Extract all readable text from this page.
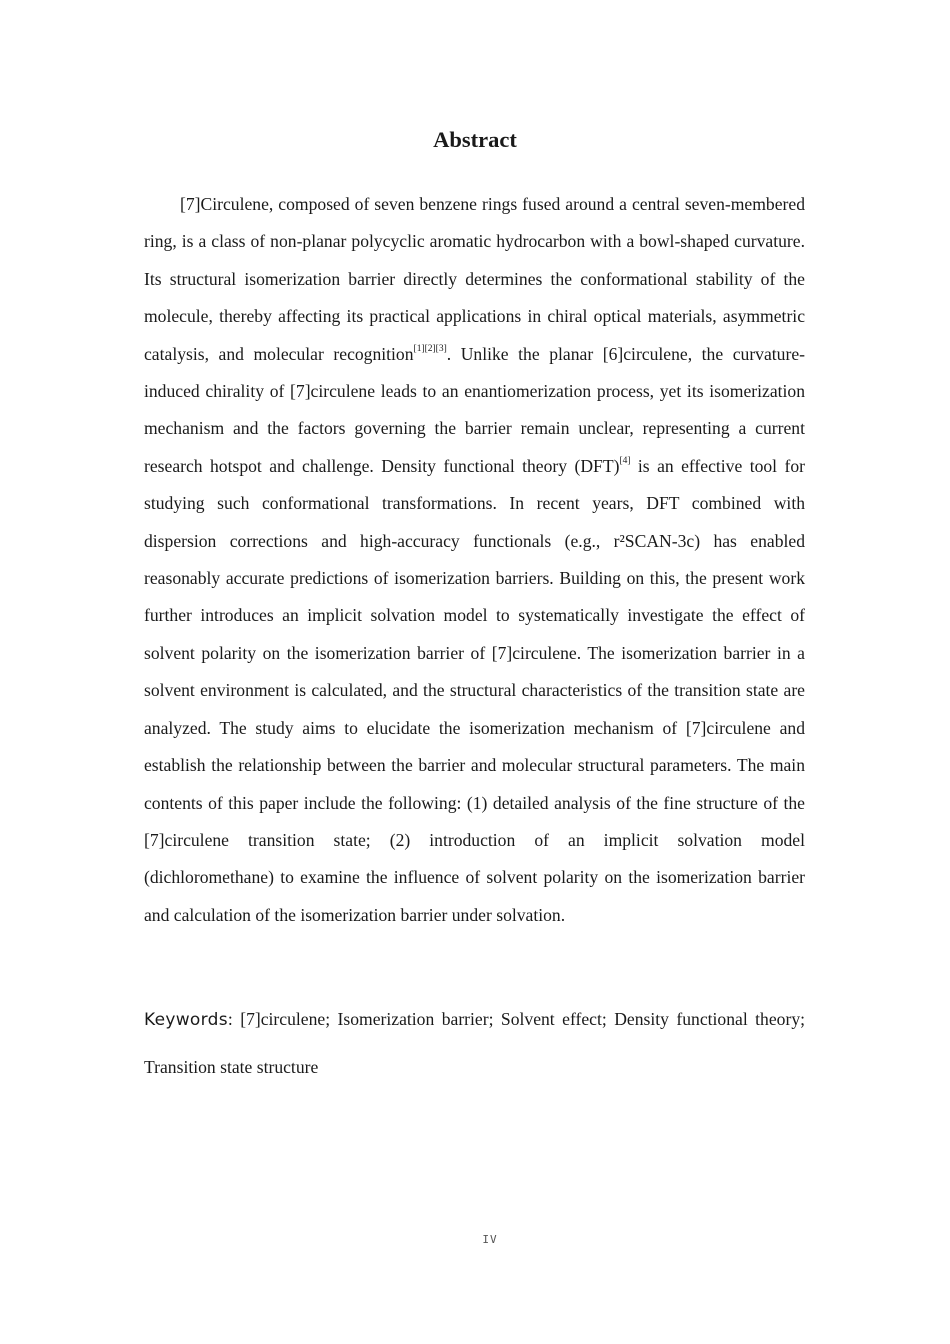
Abstract

[7]Circulene, composed of seven benzene rings fused around a central seven-membered ring, is a class of non-planar polycyclic aromatic hydrocarbon with a bowl-shaped curvature. Its structural isomerization barrier directly determines the conformational stability of the molecule, thereby affecting its practical applications in chiral optical materials, asymmetric catalysis, and molecular recognition[1][2][3]. Unlike the planar [6]circulene, the curvature-induced chirality of [7]circulene leads to an enantiomerization process, yet its isomerization mechanism and the factors governing the barrier remain unclear, representing a current research hotspot and challenge. Density functional theory (DFT)[4] is an effective tool for studying such conformational transformations. In recent years, DFT combined with dispersion corrections and high-accuracy functionals (e.g., r²SCAN-3c) has enabled reasonably accurate predictions of isomerization barriers. Building on this, the present work further introduces an implicit solvation model to systematically investigate the effect of solvent polarity on the isomerization barrier of [7]circulene. The isomerization barrier in a solvent environment is calculated, and the structural characteristics of the transition state are analyzed. The study aims to elucidate the isomerization mechanism of [7]circulene and establish the relationship between the barrier and molecular structural parameters. The main contents of this paper include the following: (1) detailed analysis of the fine structure of the [7]circulene transition state; (2) introduction of an implicit solvation model (dichloromethane) to examine the influence of solvent polarity on the isomerization barrier and calculation of the isomerization barrier under solvation.

Keywords: [7]circulene; Isomerization barrier; Solvent effect; Density functional theory; Transition state structure

IV
